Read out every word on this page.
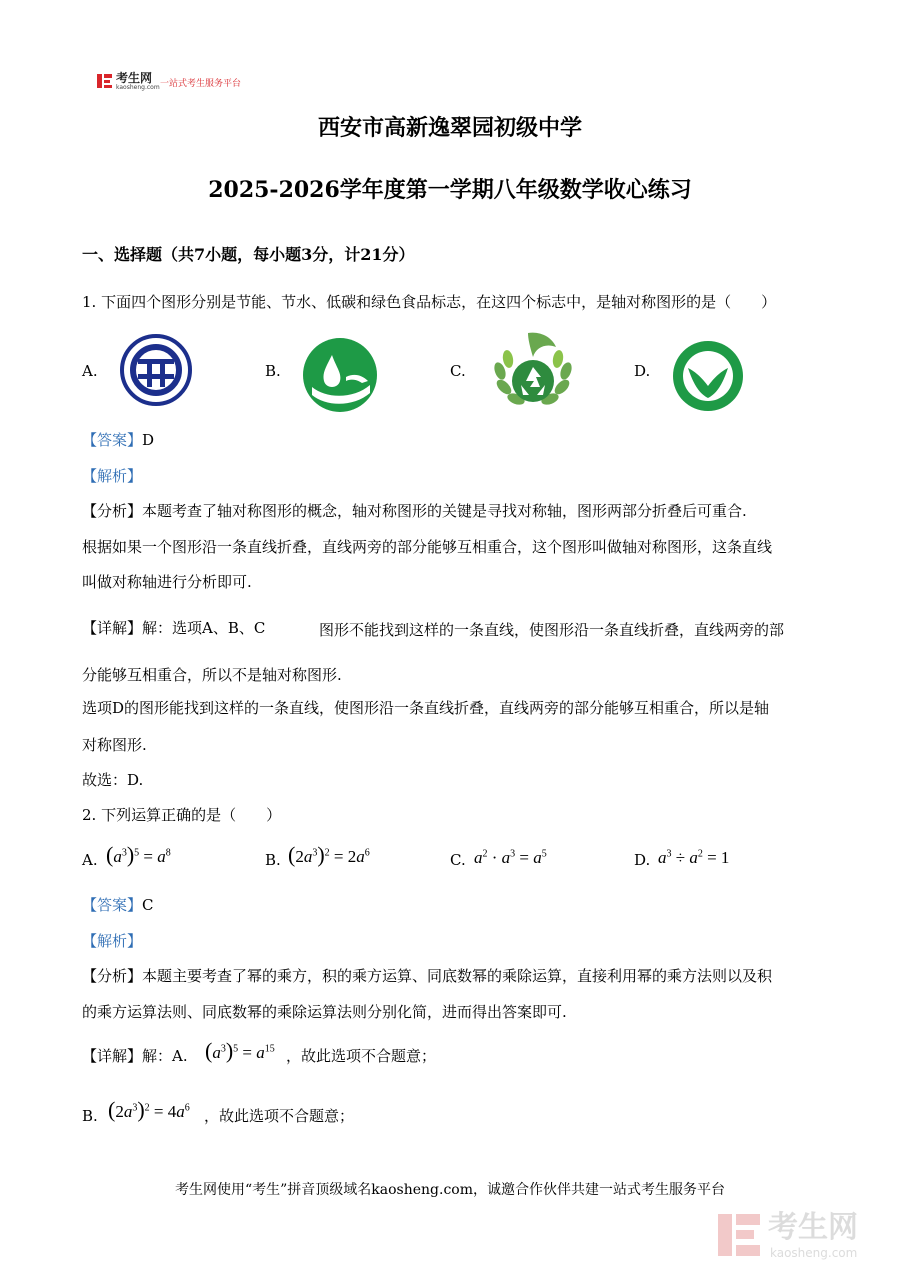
考生网
kaosheng.com 一站式考生服务平台
西安市高新逸翠园初级中学
2025-2026学年度第一学期八年级数学收心练习
一、选择题（共7小题，每小题3分，计21分）
1. 下面四个图形分别是节能、节水、低碳和绿色食品标志，在这四个标志中，是轴对称图形的是（　　）
A.	B.	C.	D.
【答案】D
【解析】
【分析】本题考查了轴对称图形的概念，轴对称图形的关键是寻找对称轴，图形两部分折叠后可重合.
根据如果一个图形沿一条直线折叠，直线两旁的部分能够互相重合，这个图形叫做轴对称图形，这条直线
叫做对称轴进行分析即可.
【详解】解：选项A、B、C	图形不能找到这样的一条直线，使图形沿一条直线折叠，直线两旁的部
分能够互相重合，所以不是轴对称图形.
选项D的图形能找到这样的一条直线，使图形沿一条直线折叠，直线两旁的部分能够互相重合，所以是轴
对称图形.
故选：D.
2. 下列运算正确的是（　　）
A. $(a^3)^5 = a^8$	B. $(2a^3)^2 = 2a^6$	C. $a^2 \cdot a^3 = a^5$	D. $a^3 \div a^2 = 1$
【答案】C
【解析】
【分析】本题主要考查了幂的乘方，积的乘方运算、同底数幂的乘除运算，直接利用幂的乘方法则以及积
的乘方运算法则、同底数幂的乘除运算法则分别化简，进而得出答案即可.
【详解】解：A. $(a^3)^5 = a^{15}$ ，故此选项不合题意；
B. $(2a^3)^2 = 4a^6$ ，故此选项不合题意；
考生网使用“考生”拼音顶级域名kaosheng.com，诚邀合作伙伴共建一站式考生服务平台
考生网
kaosheng.com
